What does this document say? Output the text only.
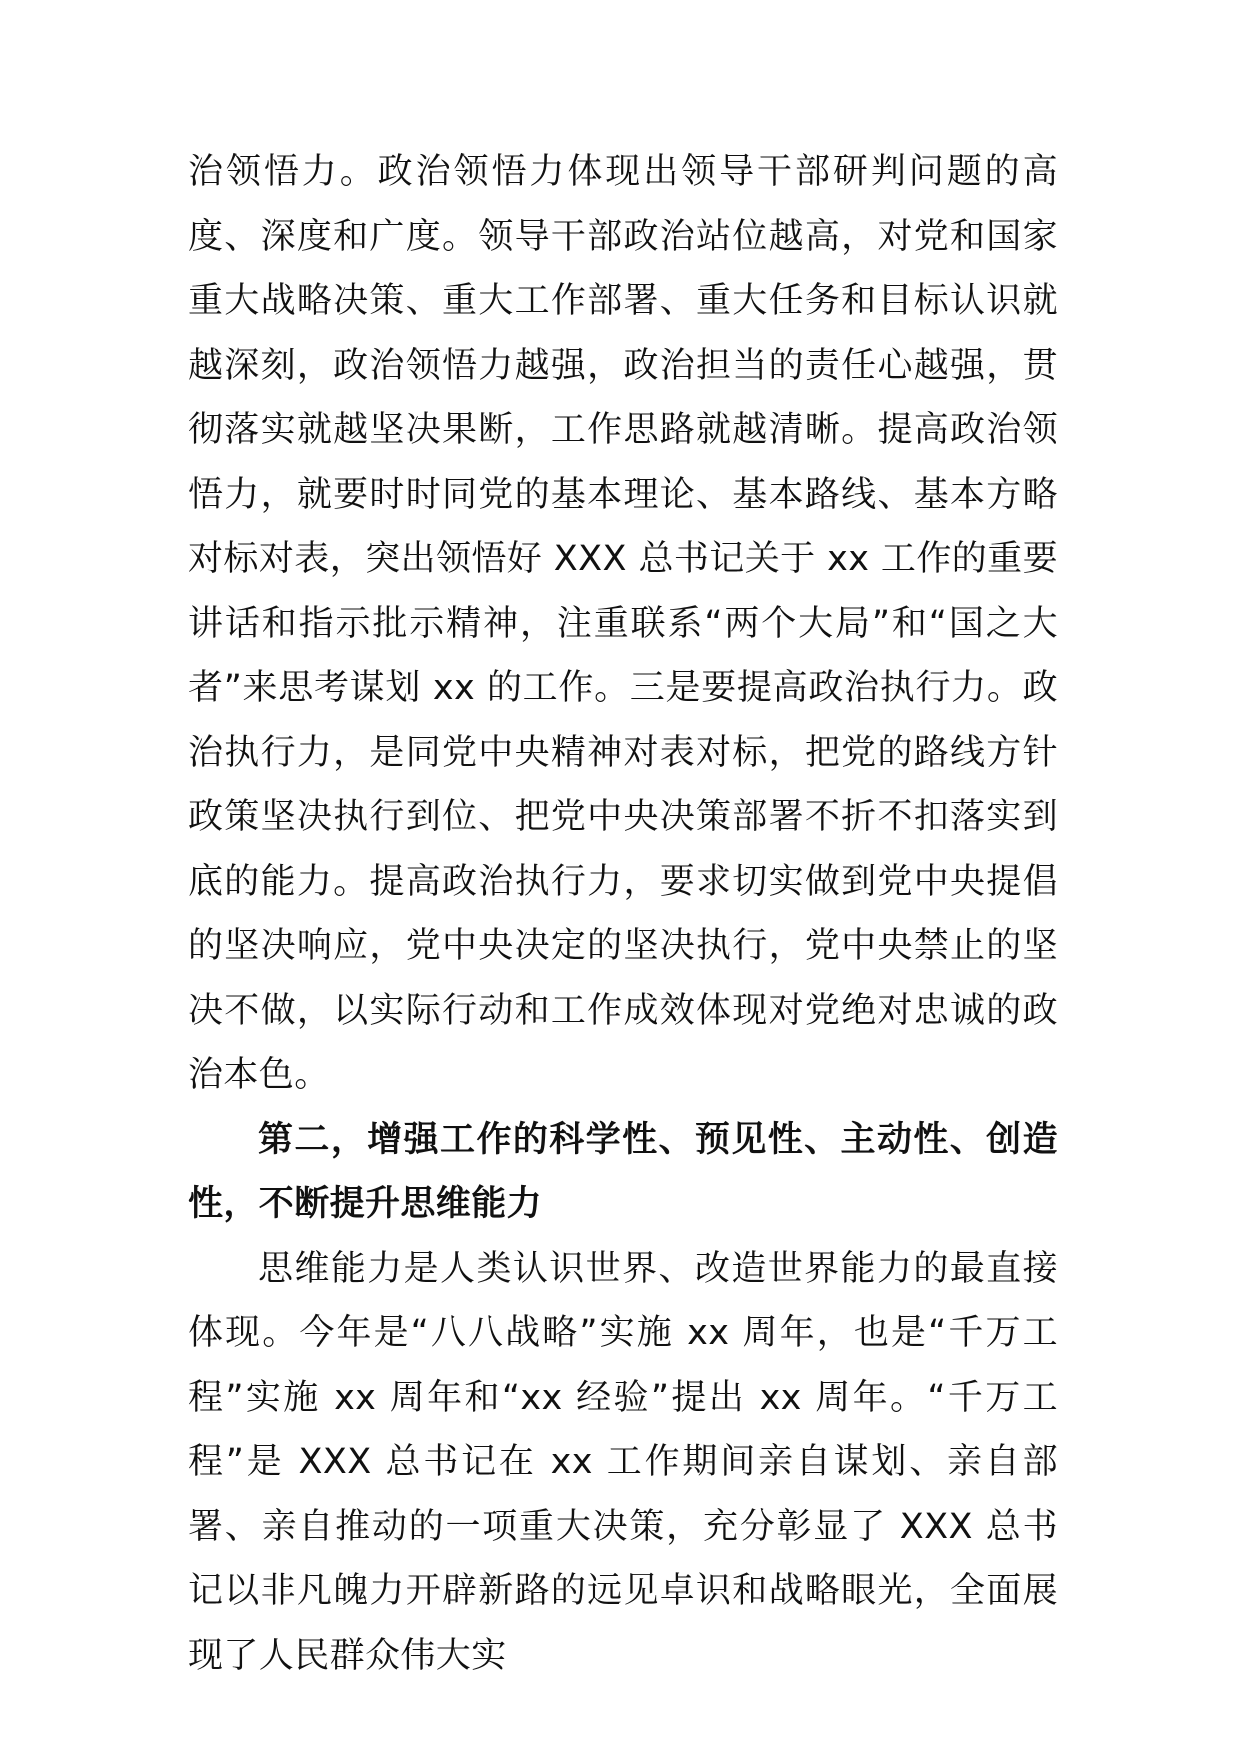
治领悟力。政治领悟力体现出领导干部研判问题的高度、深度和广度。领导干部政治站位越高，对党和国家重大战略决策、重大工作部署、重大任务和目标认识就越深刻，政治领悟力越强，政治担当的责任心越强，贯彻落实就越坚决果断，工作思路就越清晰。提高政治领悟力，就要时时同党的基本理论、基本路线、基本方略对标对表，突出领悟好 XXX 总书记关于 xx 工作的重要讲话和指示批示精神，注重联系“两个大局”和“国之大者”来思考谋划 xx 的工作。三是要提高政治执行力。政治执行力，是同党中央精神对表对标，把党的路线方针政策坚决执行到位、把党中央决策部署不折不扣落实到底的能力。提高政治执行力，要求切实做到党中央提倡的坚决响应，党中央决定的坚决执行，党中央禁止的坚决不做，以实际行动和工作成效体现对党绝对忠诚的政治本色。

第二，增强工作的科学性、预见性、主动性、创造性，不断提升思维能力

思维能力是人类认识世界、改造世界能力的最直接体现。今年是“八八战略”实施 xx 周年，也是“千万工程”实施 xx 周年和“xx 经验”提出 xx 周年。“千万工程”是 XXX 总书记在 xx 工作期间亲自谋划、亲自部署、亲自推动的一项重大决策，充分彰显了 XXX 总书记以非凡魄力开辟新路的远见卓识和战略眼光，全面展现了人民群众伟大实
